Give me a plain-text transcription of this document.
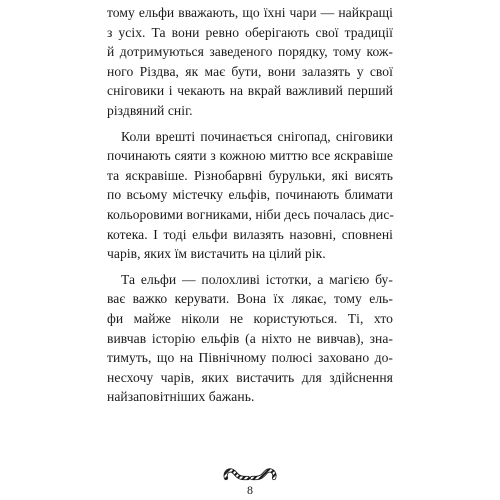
тому ельфи вважають, що їхні чари — найкращі
з усіх. Та вони ревно оберігають свої традиції
й дотримуються заведеного порядку, тому кож-
ного Різдва, як має бути, вони залазять у свої
сніговики і чекають на вкрай важливий перший
різдвяний сніг.
Коли врешті починається снігопад, сніговики
починають сяяти з кожною миттю все яскравіше
та яскравіше. Різнобарвні бурульки, які висять
по всьому містечку ельфів, починають блимати
кольоровими вогниками, ніби десь почалась дис-
котека. І тоді ельфи вилазять назовні, сповнені
чарів, яких їм вистачить на цілий рік.
Та ельфи — полохливі істотки, а магією бу-
ває важко керувати. Вона їх лякає, тому ель-
фи майже ніколи не користуються. Ті, хто
вивчав історію ельфів (а ніхто не вивчав), знa-
тимуть, що на Північному полюсі заховано до-
несхочу чарів, яких вистачить для здійснення
найзаповітніших бажань.
8
